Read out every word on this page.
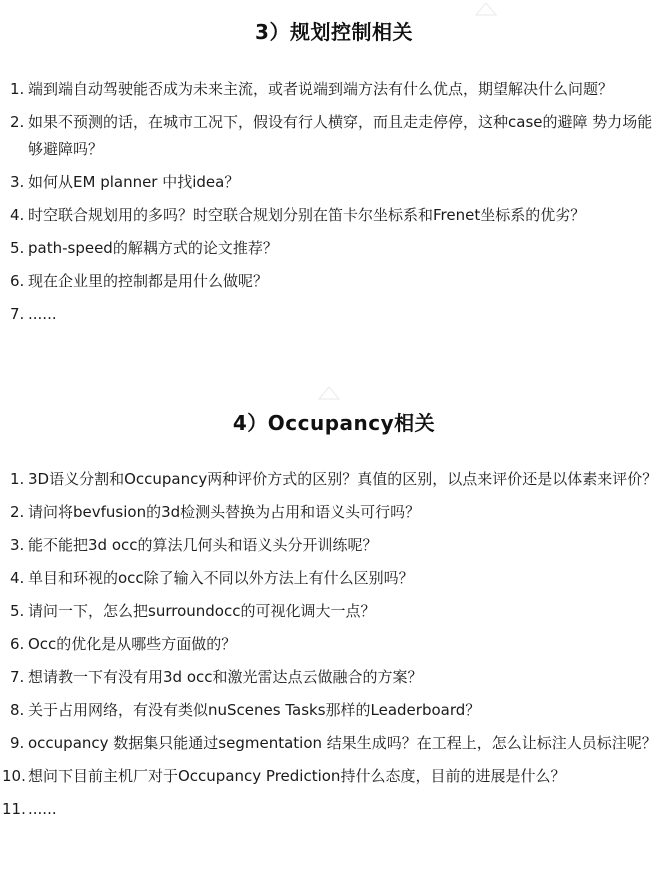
3）规划控制相关
1. 端到端自动驾驶能否成为未来主流，或者说端到端方法有什么优点，期望解决什么问题？
2. 如果不预测的话，在城市工况下，假设有行人横穿，而且走走停停，这种case的避障 势力场能够避障吗？
3. 如何从EM planner 中找idea？
4. 时空联合规划用的多吗？时空联合规划分别在笛卡尔坐标系和Frenet坐标系的优劣？
5. path-speed的解耦方式的论文推荐？
6. 现在企业里的控制都是用什么做呢？
7. ......
4）Occupancy相关
1. 3D语义分割和Occupancy两种评价方式的区别？真值的区别，以点来评价还是以体素来评价？
2. 请问将bevfusion的3d检测头替换为占用和语义头可行吗？
3. 能不能把3d occ的算法几何头和语义头分开训练呢？
4. 单目和环视的occ除了输入不同以外方法上有什么区别吗？
5. 请问一下，怎么把surroundocc的可视化调大一点？
6. Occ的优化是从哪些方面做的？
7. 想请教一下有没有用3d occ和激光雷达点云做融合的方案？
8. 关于占用网络，有没有类似nuScenes Tasks那样的Leaderboard？
9. occupancy 数据集只能通过segmentation 结果生成吗？在工程上，怎么让标注人员标注呢？
10. 想问下目前主机厂对于Occupancy Prediction持什么态度，目前的进展是什么？
11. ......
